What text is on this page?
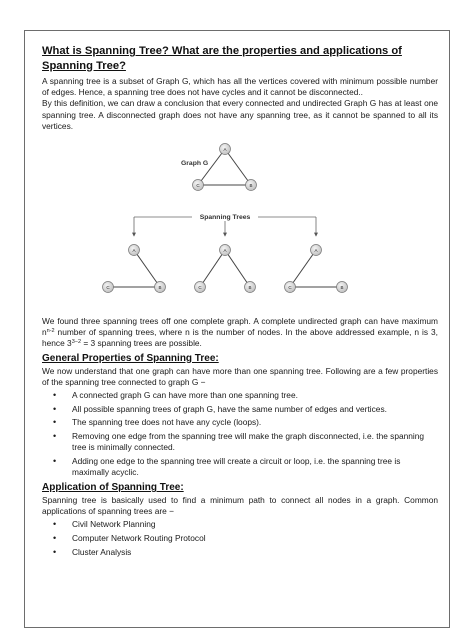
What is Spanning Tree? What are the properties and applications of Spanning Tree?

A spanning tree is a subset of Graph G, which has all the vertices covered with minimum possible number of edges. Hence, a spanning tree does not have cycles and it cannot be disconnected..

By this definition, we can draw a conclusion that every connected and undirected Graph G has at least one spanning tree. A disconnected graph does not have any spanning tree, as it cannot be spanned to all its vertices.

A
C	B
Graph G
Spanning Trees
A
C	B
A
C	B
A
C	B

We found three spanning trees off one complete graph. A complete undirected graph can have maximum $n^{n-2}$ number of spanning trees, where n is the number of nodes. In the above addressed example, n is 3, hence $3^{3-2} = 3$ spanning trees are possible.

General Properties of Spanning Tree:

We now understand that one graph can have more than one spanning tree. Following are a few properties of the spanning tree connected to graph G −

• A connected graph G can have more than one spanning tree.
• All possible spanning trees of graph G, have the same number of edges and vertices.
• The spanning tree does not have any cycle (loops).
• Removing one edge from the spanning tree will make the graph disconnected, i.e. the spanning tree is minimally connected.
• Adding one edge to the spanning tree will create a circuit or loop, i.e. the spanning tree is maximally acyclic.
Application of Spanning Tree:

Spanning tree is basically used to find a minimum path to connect all nodes in a graph. Common applications of spanning trees are −

• Civil Network Planning
• Computer Network Routing Protocol
• Cluster Analysis
